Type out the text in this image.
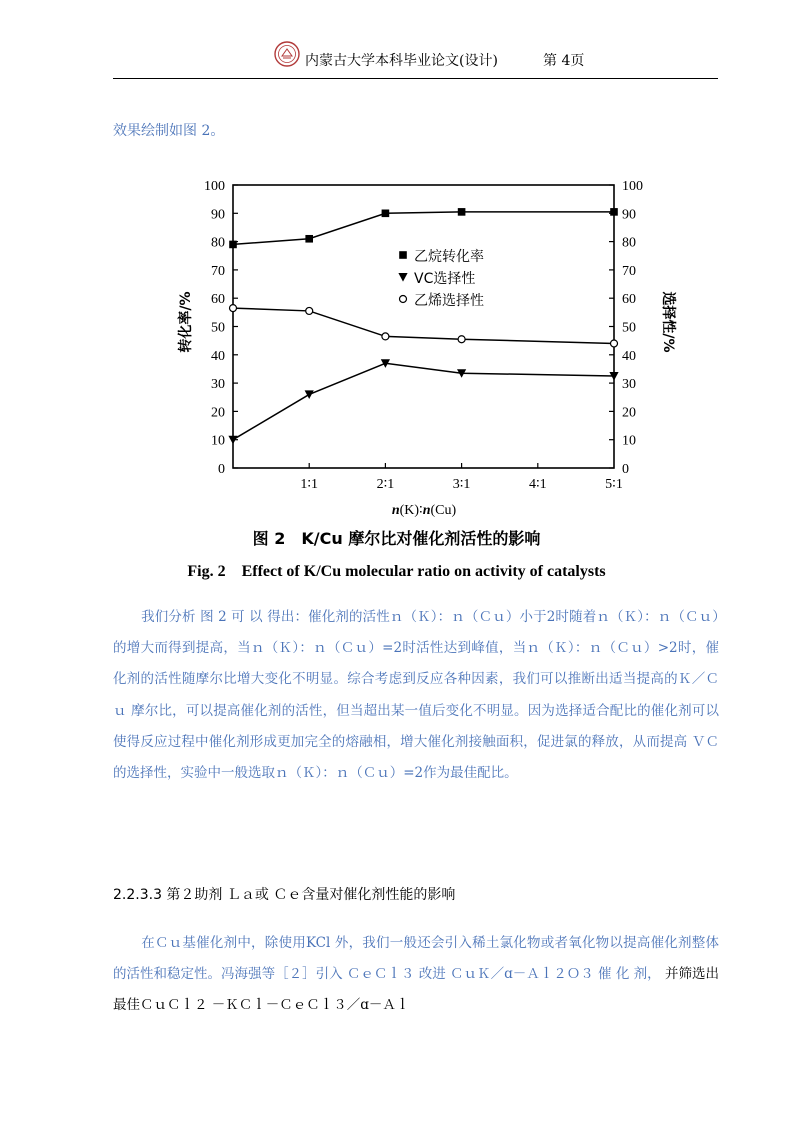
内蒙古大学本科毕业论文(设计)	第 4页
效果绘制如图 2。
0
10
20
30
40
50
60
70
80
90
100
0
10
20
30
40
50
60
70
80
90
100
1∶1	2∶1	3∶1	4∶1	5∶1
乙烷转化率
VC选择性
乙烯选择性
转化率/%	选择性/%
n(K)∶n(Cu)
图 2　K/Cu 摩尔比对催化剂活性的影响
Fig. 2　Effect of K/Cu molecular ratio on activity of catalysts
我们分析 图 2 可 以 得出：催化剂的活性ｎ（Ｋ）：ｎ（Ｃｕ）小于2时随着ｎ（Ｋ）：ｎ（Ｃｕ）的增大而得到提高，当ｎ（Ｋ）：ｎ（Ｃｕ）=2时活性达到峰值，当ｎ（Ｋ）：ｎ（Ｃｕ）>2时，催化剂的活性随摩尔比增大变化不明显。综合考虑到反应各种因素，我们可以推断出适当提高的Ｋ／Ｃｕ 摩尔比，可以提高催化剂的活性，但当超出某一值后变化不明显。因为选择适合配比的催化剂可以使得反应过程中催化剂形成更加完全的熔融相，增大催化剂接触面积，促进氯的释放，从而提高 ＶＣ的选择性，实验中一般选取ｎ（Ｋ）：ｎ（Ｃｕ）=2作为最佳配比。
2.2.3.3 第２助剂 Ｌａ或 Ｃｅ含量对催化剂性能的影响
在Ｃｕ基催化剂中，除使用KCl 外，我们一般还会引入稀土氯化物或者氧化物以提高催化剂整体的活性和稳定性。冯海强等［２］引入 ＣｅＣｌ３ 改进 ＣｕＫ／ɑ－Ａｌ２Ｏ３ 催 化 剂， 并筛选出最佳ＣｕＣｌ２ －ＫＣｌ－ＣｅＣｌ３／ɑ－Ａｌ
